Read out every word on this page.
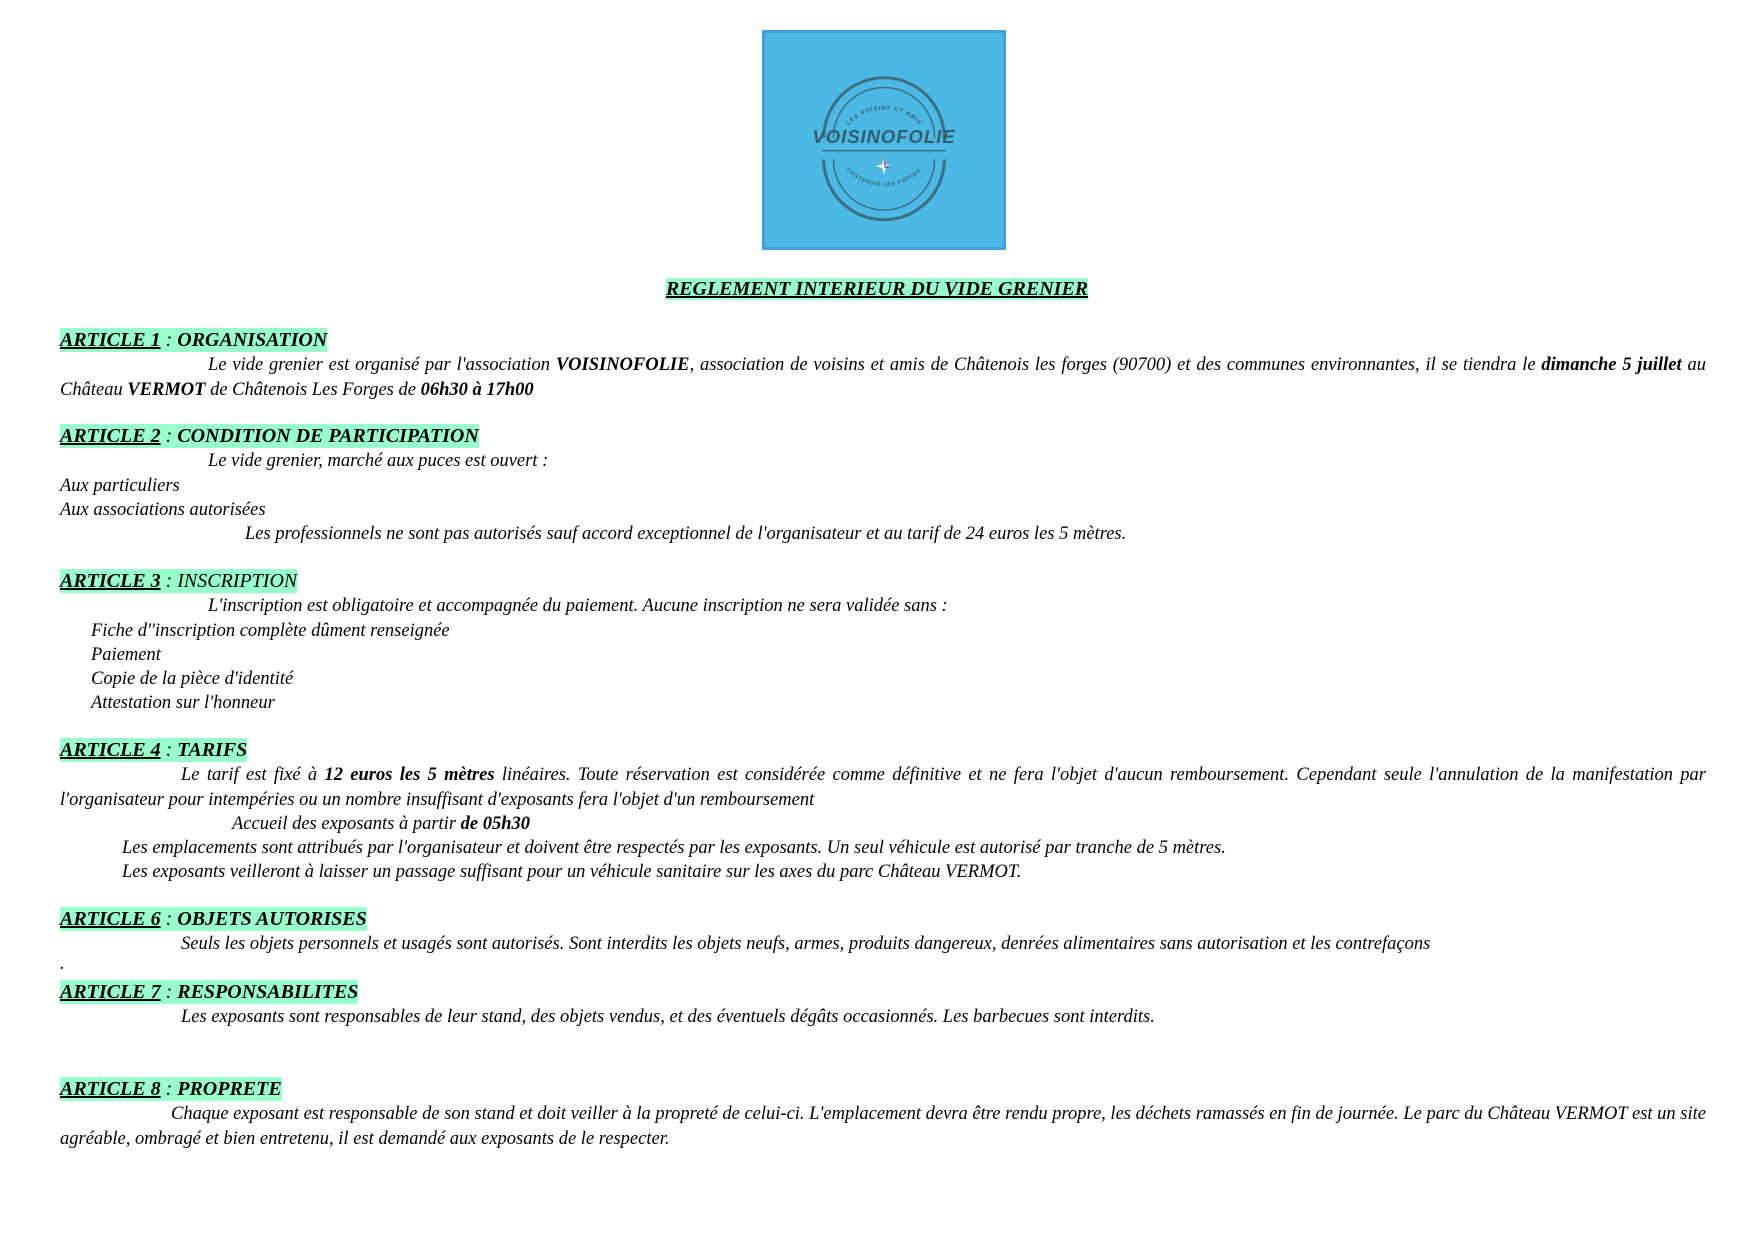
LES VOISINS ET AMIS
VOISINOFOLIE
CHÂTENOIS LES FORGES
REGLEMENT INTERIEUR DU VIDE GRENIER
ARTICLE 1 : ORGANISATION

Le vide grenier est organisé par l'association VOISINOFOLIE, association de voisins et amis de Châtenois les forges (90700) et des communes environnantes, il se tiendra le dimanche 5 juillet au Château VERMOT de Châtenois Les Forges de 06h30 à 17h00

ARTICLE 2 : CONDITION DE PARTICIPATION

Le vide grenier, marché aux puces est ouvert :

Aux particuliers

Aux associations autorisées

Les professionnels ne sont pas autorisés sauf accord exceptionnel de l'organisateur et au tarif de 24 euros les 5 mètres.

ARTICLE 3 : INSCRIPTION

L'inscription est obligatoire et accompagnée du paiement. Aucune inscription ne sera validée sans :

Fiche d''inscription complète dûment renseignée

Paiement

Copie de la pièce d'identité

Attestation sur l'honneur

ARTICLE 4 : TARIFS

Le tarif est fixé à 12 euros les 5 mètres linéaires. Toute réservation est considérée comme définitive et ne fera l'objet d'aucun remboursement. Cependant seule l'annulation de la manifestation par l'organisateur pour intempéries ou un nombre insuffisant d'exposants fera l'objet d'un remboursement

Accueil des exposants à partir de 05h30

Les emplacements sont attribués par l'organisateur et doivent être respectés par les exposants. Un seul véhicule est autorisé par tranche de 5 mètres.

Les exposants veilleront à laisser un passage suffisant pour un véhicule sanitaire sur les axes du parc Château VERMOT.

ARTICLE 6 : OBJETS AUTORISES

Seuls les objets personnels et usagés sont autorisés. Sont interdits les objets neufs, armes, produits dangereux, denrées alimentaires sans autorisation et les contrefaçons

.

ARTICLE 7 : RESPONSABILITES

Les exposants sont responsables de leur stand, des objets vendus, et des éventuels dégâts occasionnés. Les barbecues sont interdits.

ARTICLE 8 : PROPRETE

Chaque exposant est responsable de son stand et doit veiller à la propreté de celui-ci. L'emplacement devra être rendu propre, les déchets ramassés en fin de journée. Le parc du Château VERMOT est un site agréable, ombragé et bien entretenu, il est demandé aux exposants de le respecter.
